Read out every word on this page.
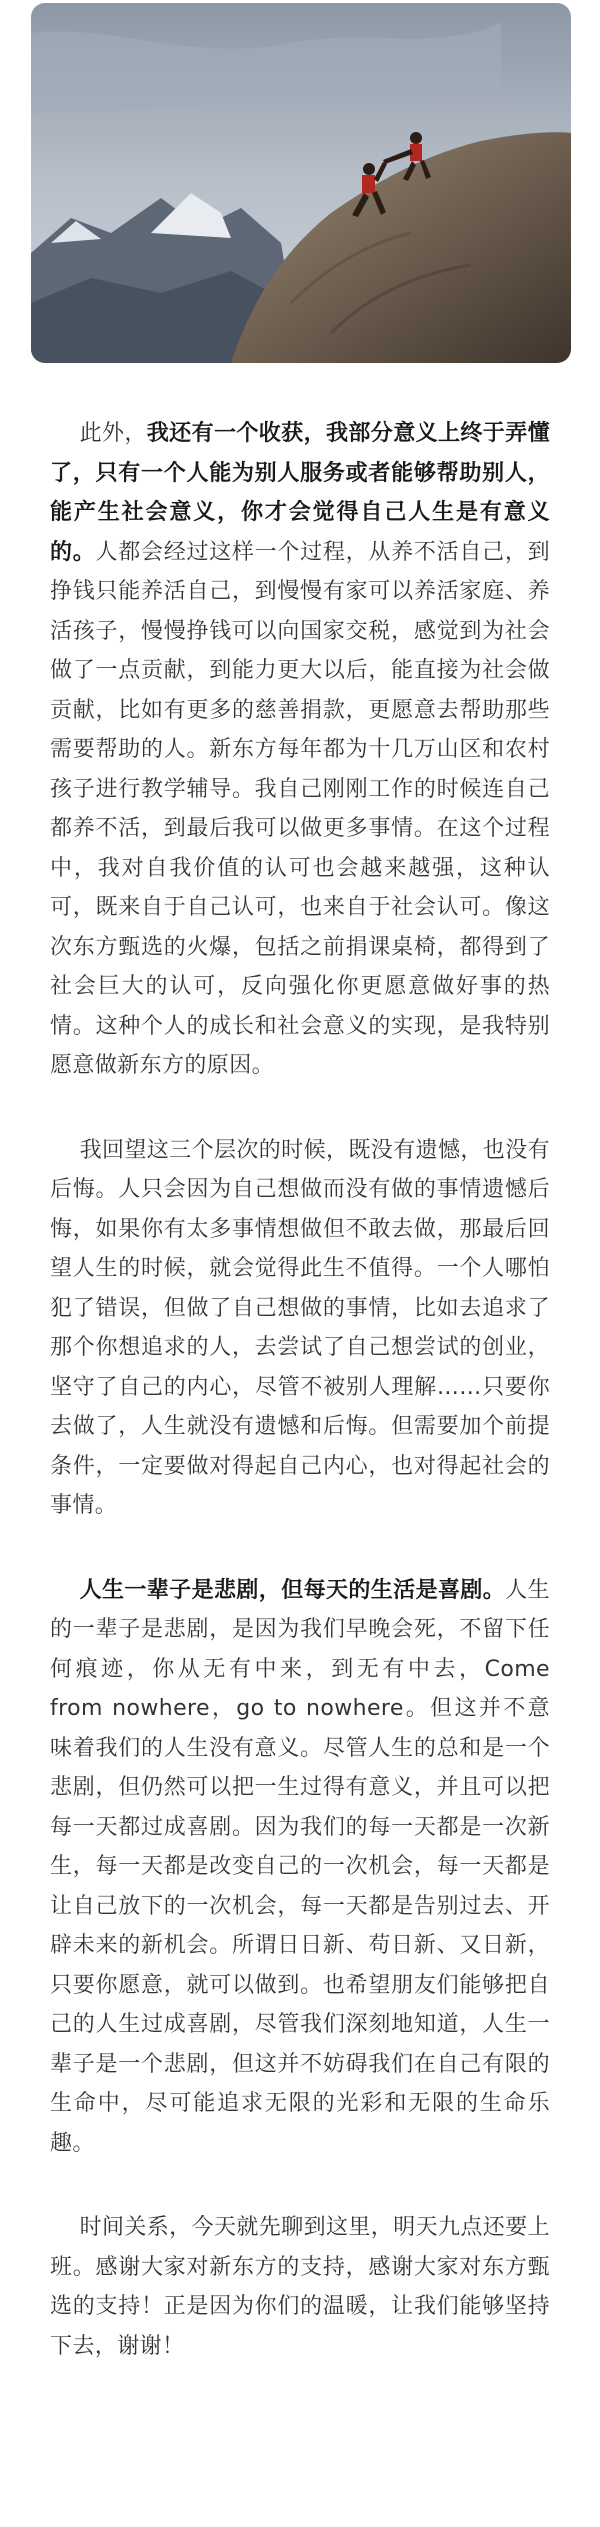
此外，我还有一个收获，我部分意义上终于弄懂了，只有一个人能为别人服务或者能够帮助别人，能产生社会意义，你才会觉得自己人生是有意义的。人都会经过这样一个过程，从养不活自己，到挣钱只能养活自己，到慢慢有家可以养活家庭、养活孩子，慢慢挣钱可以向国家交税，感觉到为社会做了一点贡献，到能力更大以后，能直接为社会做贡献，比如有更多的慈善捐款，更愿意去帮助那些需要帮助的人。新东方每年都为十几万山区和农村孩子进行教学辅导。我自己刚刚工作的时候连自己都养不活，到最后我可以做更多事情。在这个过程中，我对自我价值的认可也会越来越强，这种认可，既来自于自己认可，也来自于社会认可。像这次东方甄选的火爆，包括之前捐课桌椅，都得到了社会巨大的认可，反向强化你更愿意做好事的热情。这种个人的成长和社会意义的实现，是我特别愿意做新东方的原因。

我回望这三个层次的时候，既没有遗憾，也没有后悔。人只会因为自己想做而没有做的事情遗憾后悔，如果你有太多事情想做但不敢去做，那最后回望人生的时候，就会觉得此生不值得。一个人哪怕犯了错误，但做了自己想做的事情，比如去追求了那个你想追求的人，去尝试了自己想尝试的创业，坚守了自己的内心，尽管不被别人理解……只要你去做了，人生就没有遗憾和后悔。但需要加个前提条件，一定要做对得起自己内心，也对得起社会的事情。

人生一辈子是悲剧，但每天的生活是喜剧。人生的一辈子是悲剧，是因为我们早晚会死，不留下任何痕迹，你从无有中来，到无有中去，Come from nowhere，go to nowhere。但这并不意味着我们的人生没有意义。尽管人生的总和是一个悲剧，但仍然可以把一生过得有意义，并且可以把每一天都过成喜剧。因为我们的每一天都是一次新生，每一天都是改变自己的一次机会，每一天都是让自己放下的一次机会，每一天都是告别过去、开辟未来的新机会。所谓日日新、苟日新、又日新，只要你愿意，就可以做到。也希望朋友们能够把自己的人生过成喜剧，尽管我们深刻地知道，人生一辈子是一个悲剧，但这并不妨碍我们在自己有限的生命中，尽可能追求无限的光彩和无限的生命乐趣。

时间关系，今天就先聊到这里，明天九点还要上班。感谢大家对新东方的支持，感谢大家对东方甄选的支持！正是因为你们的温暖，让我们能够坚持下去，谢谢！
